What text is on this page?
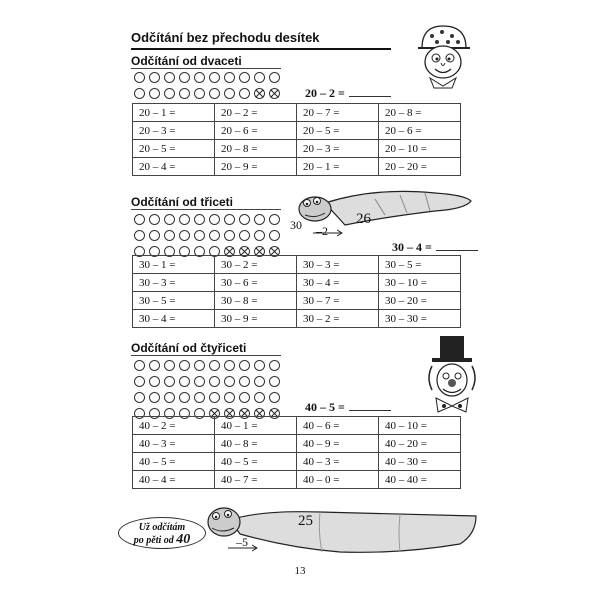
Odčítání bez přechodu desítek
Odčítání od dvaceti
20 – 2 =
20 – 1 =	20 – 2 =	20 – 7 =	20 – 8 =
20 – 3 =	20 – 6 =	20 – 5 =	20 – 6 =
20 – 5 =	20 – 8 =	20 – 3 =	20 – 10 =
20 – 4 =	20 – 9 =	20 – 1 =	20 – 20 =
Odčítání od třiceti
30 –2
26
30 – 4 =
30 – 1 =	30 – 2 =	30 – 3 =	30 – 5 =
30 – 3 =	30 – 6 =	30 – 4 =	30 – 10 =
30 – 5 =	30 – 8 =	30 – 7 =	30 – 20 =
30 – 4 =	30 – 9 =	30 – 2 =	30 – 30 =
Odčítání od čtyřiceti
40 – 5 =
40 – 2 =	40 – 1 =	40 – 6 =	40 – 10 =
40 – 3 =	40 – 8 =	40 – 9 =	40 – 20 =
40 – 5 =	40 – 5 =	40 – 3 =	40 – 30 =
40 – 4 =	40 – 7 =	40 – 0 =	40 – 40 =
–5
25
Už odčítám
po pěti od 40
13
